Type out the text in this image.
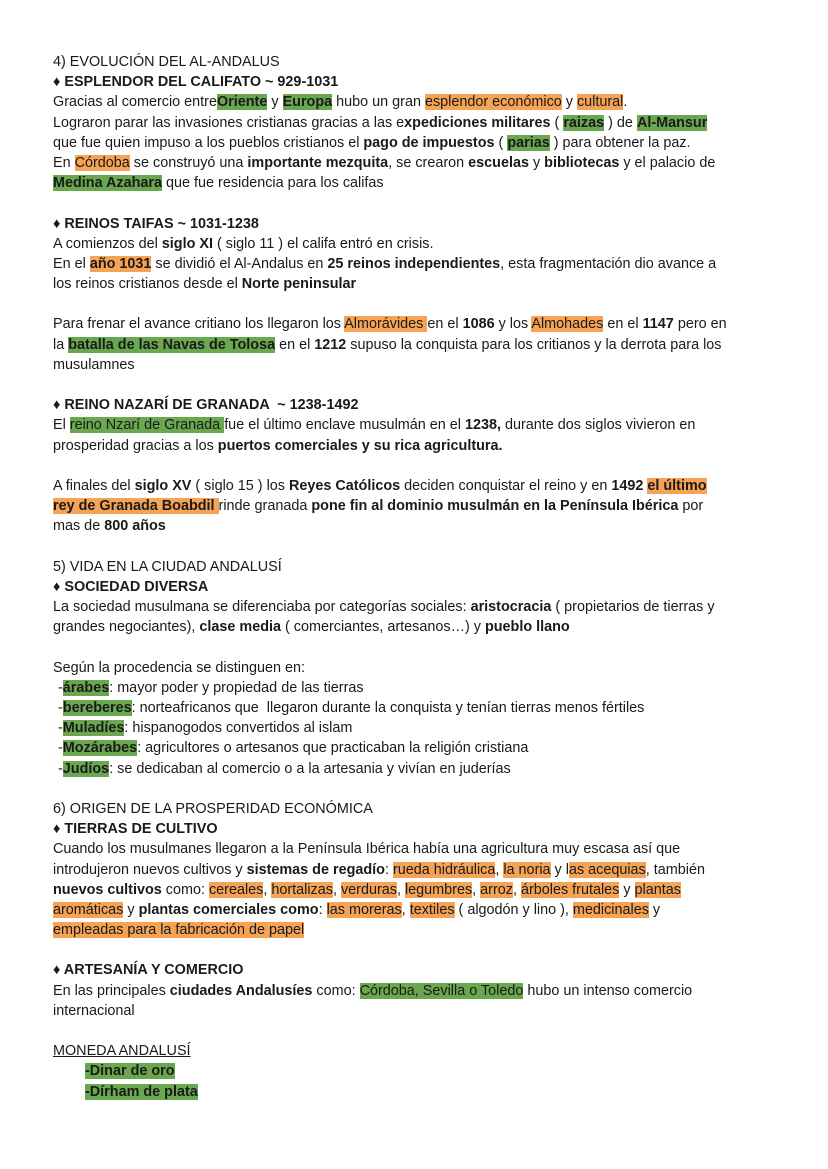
4) EVOLUCIÓN DEL AL-ANDALUS
♦ ESPLENDOR DEL CALIFATO ~ 929-1031
Gracias al comercio entreOriente y Europa hubo un gran esplendor económico y cultural.
Lograron parar las invasiones cristianas gracias a las expediciones militares ( raizas ) de Al-Mansur
que fue quien impuso a los pueblos cristianos el pago de impuestos ( parias ) para obtener la paz.
En Córdoba se construyó una importante mezquita, se crearon escuelas y bibliotecas y el palacio de
Medina Azahara que fue residencia para los califas
♦ REINOS TAIFAS ~ 1031-1238
A comienzos del siglo XI ( siglo 11 ) el califa entró en crisis.
En el año 1031 se dividió el Al-Andalus en 25 reinos independientes, esta fragmentación dio avance a
los reinos cristianos desde el Norte peninsular
Para frenar el avance critiano los llegaron los Almorávides en el 1086 y los Almohades en el 1147 pero en
la batalla de las Navas de Tolosa en el 1212 supuso la conquista para los critianos y la derrota para los
musulamnes
♦ REINO NAZARÍ DE GRANADA  ~ 1238-1492
El reino Nzarí de Granada fue el último enclave musulmán en el 1238, durante dos siglos vivieron en
prosperidad gracias a los puertos comerciales y su rica agricultura.
A finales del siglo XV ( siglo 15 ) los Reyes Católicos deciden conquistar el reino y en 1492 el último
rey de Granada Boabdil rinde granada pone fin al dominio musulmán en la Península Ibérica por
mas de 800 años
5) VIDA EN LA CIUDAD ANDALUSÍ
♦ SOCIEDAD DIVERSA
La sociedad musulmana se diferenciaba por categorías sociales: aristocracia ( propietarios de tierras y
grandes negociantes), clase media ( comerciantes, artesanos…) y pueblo llano
Según la procedencia se distinguen en:
-árabes: mayor poder y propiedad de las tierras
-bereberes: norteafricanos que  llegaron durante la conquista y tenían tierras menos fértiles
-Muladíes: hispanogodos convertidos al islam
-Mozárabes: agricultores o artesanos que practicaban la religión cristiana
-Judíos: se dedicaban al comercio o a la artesania y vivían en juderías
6) ORIGEN DE LA PROSPERIDAD ECONÓMICA
♦ TIERRAS DE CULTIVO
Cuando los musulmanes llegaron a la Península Ibérica había una agricultura muy escasa así que
introdujeron nuevos cultivos y sistemas de regadío: rueda hidráulica, la noria y las acequias, también
nuevos cultivos como: cereales, hortalizas, verduras, legumbres, arroz, árboles frutales y plantas
aromáticas y plantas comerciales como: las moreras, textiles ( algodón y lino ), medicinales y
empleadas para la fabricación de papel
♦ ARTESANÍA Y COMERCIO
En las principales ciudades Andalusíes como: Córdoba, Sevilla o Toledo hubo un intenso comercio
internacional
MONEDA ANDALUSÍ
-Dinar de oro
-Dírham de plata
